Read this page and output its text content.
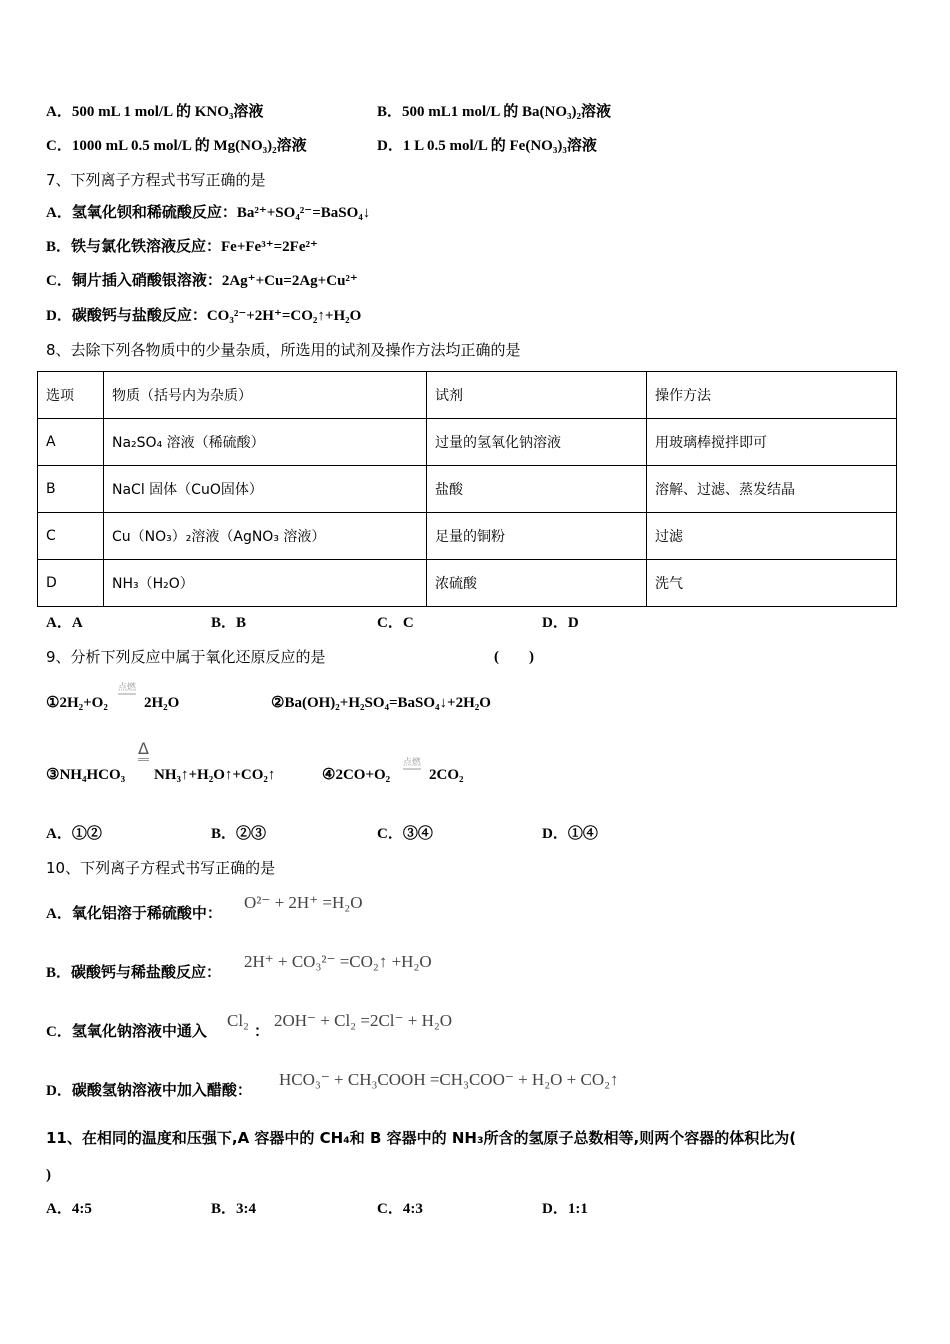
A．500 mL 1 mol/L 的 KNO₃溶液	B．500 mL1 mol/L 的 Ba(NO₃)₂溶液
C．1000 mL 0.5 mol/L 的 Mg(NO₃)₂溶液	D．1 L 0.5 mol/L 的 Fe(NO₃)₃溶液
7、下列离子方程式书写正确的是
A．氢氧化钡和稀硫酸反应：Ba²⁺+SO₄²⁻=BaSO₄↓
B．铁与氯化铁溶液反应：Fe+Fe³⁺=2Fe²⁺
C．铜片插入硝酸银溶液：2Ag⁺+Cu=2Ag+Cu²⁺
D．碳酸钙与盐酸反应：CO₃²⁻+2H⁺=CO₂↑+H₂O
8、去除下列各物质中的少量杂质，所选用的试剂及操作方法均正确的是
选项	物质（括号内为杂质）	试剂	操作方法
A	Na₂SO₄ 溶液（稀硫酸）	过量的氢氧化钠溶液	用玻璃棒搅拌即可
B	NaCl 固体（CuO固体）	盐酸	溶解、过滤、蒸发结晶
C	Cu（NO₃）₂溶液（AgNO₃ 溶液）	足量的铜粉	过滤
D	NH₃（H₂O）	浓硫酸	洗气
A．A	B．B	C．C	D．D
9、分析下列反应中属于氧化还原反应的是	(　　)
①2H₂+O₂
点燃
2H₂O	②Ba(OH)₂+H₂SO₄=BaSO₄↓+2H₂O
Δ
③NH₄HCO₃ NH₃↑+H₂O↑+CO₂↑	④2CO+O₂
点燃
2CO₂
A．①②	B．②③	C．③④	D．①④
10、下列离子方程式书写正确的是
A．氧化铝溶于稀硫酸中：
O²⁻ + 2H⁺ =H₂O
B．碳酸钙与稀盐酸反应：
2H⁺ + CO₃²⁻ =CO₂↑ +H₂O
C．氢氧化钠溶液中通入
Cl₂
：
2OH⁻ + Cl₂ =2Cl⁻ + H₂O
D．碳酸氢钠溶液中加入醋酸：
HCO₃⁻ + CH₃COOH =CH₃COO⁻ + H₂O + CO₂↑
11、在相同的温度和压强下,A 容器中的 CH₄和 B 容器中的 NH₃所含的氢原子总数相等,则两个容器的体积比为(
)
A．4:5	B．3:4	C．4:3	D．1:1
